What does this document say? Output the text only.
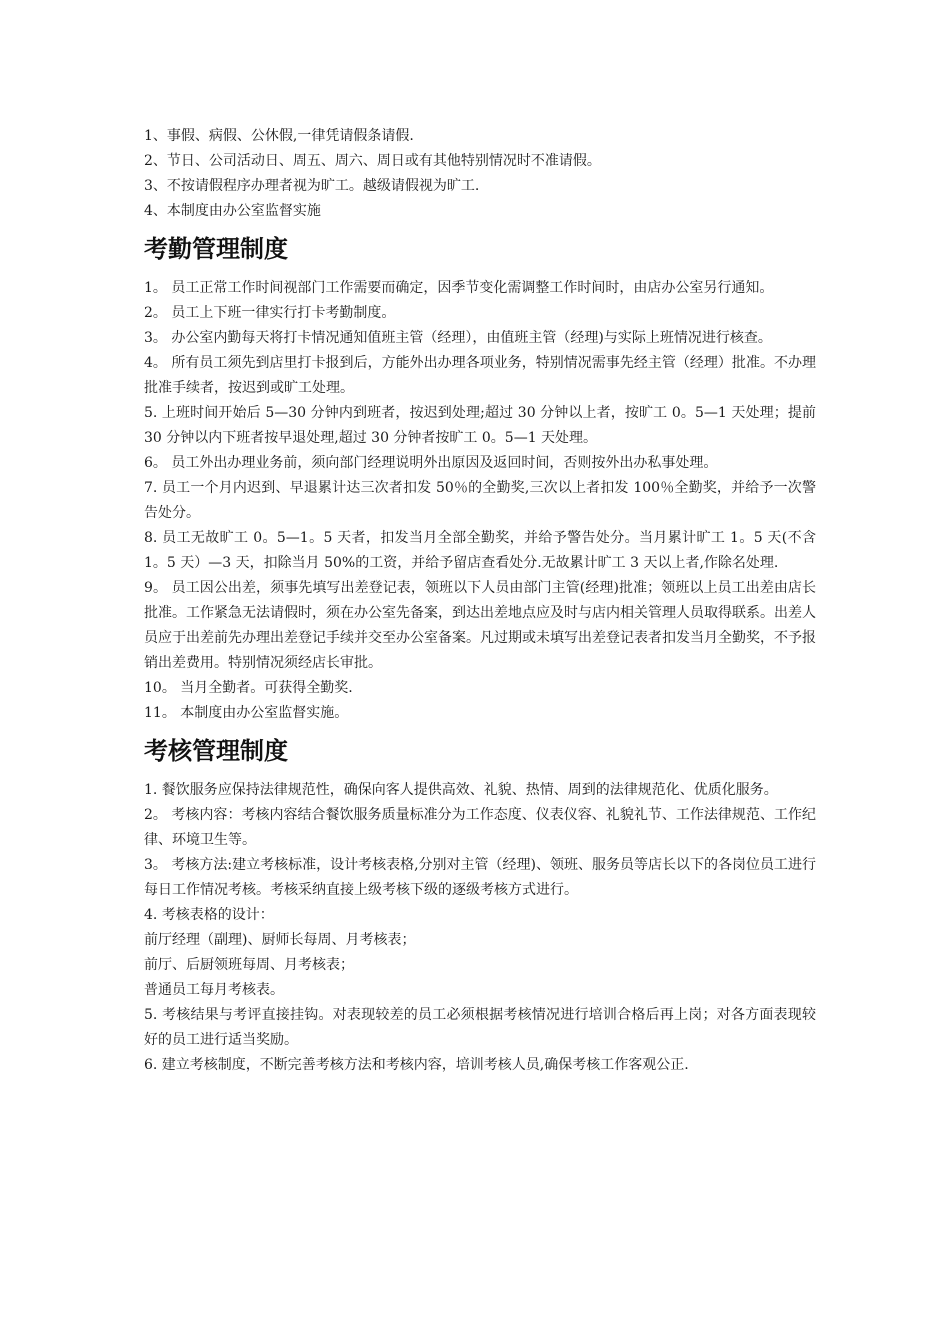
1、事假、病假、公休假,一律凭请假条请假.

2、节日、公司活动日、周五、周六、周日或有其他特别情况时不准请假。

3、不按请假程序办理者视为旷工。越级请假视为旷工.

4、本制度由办公室监督实施

考勤管理制度

1。 员工正常工作时间视部门工作需要而确定，因季节变化需调整工作时间时，由店办公室另行通知。

2。 员工上下班一律实行打卡考勤制度。

3。 办公室内勤每天将打卡情况通知值班主管（经理），由值班主管（经理)与实际上班情况进行核查。

4。 所有员工须先到店里打卡报到后，方能外出办理各项业务，特别情况需事先经主管（经理）批准。不办理批准手续者，按迟到或旷工处理。

5. 上班时间开始后 5—30 分钟内到班者，按迟到处理;超过 30 分钟以上者，按旷工 0。5—1 天处理；提前 30 分钟以内下班者按早退处理,超过 30 分钟者按旷工 0。5—1 天处理。

6。 员工外出办理业务前，须向部门经理说明外出原因及返回时间，否则按外出办私事处理。

7. 员工一个月内迟到、早退累计达三次者扣发 50％的全勤奖,三次以上者扣发 100％全勤奖，并给予一次警告处分。

8. 员工无故旷工 0。5—1。5 天者，扣发当月全部全勤奖，并给予警告处分。当月累计旷工 1。5 天(不含 1。5 天）—3 天，扣除当月 50%的工资，并给予留店查看处分.无故累计旷工 3 天以上者,作除名处理.

9。 员工因公出差，须事先填写出差登记表，领班以下人员由部门主管(经理)批准；领班以上员工出差由店长批准。工作紧急无法请假时，须在办公室先备案，到达出差地点应及时与店内相关管理人员取得联系。出差人员应于出差前先办理出差登记手续并交至办公室备案。凡过期或未填写出差登记表者扣发当月全勤奖，不予报销出差费用。特别情况须经店长审批。

10。 当月全勤者。可获得全勤奖.

11。 本制度由办公室监督实施。

考核管理制度

1. 餐饮服务应保持法律规范性，确保向客人提供高效、礼貌、热情、周到的法律规范化、优质化服务。

2。 考核内容：考核内容结合餐饮服务质量标准分为工作态度、仪表仪容、礼貌礼节、工作法律规范、工作纪律、环境卫生等。

3。 考核方法:建立考核标准，设计考核表格,分别对主管（经理)、领班、服务员等店长以下的各岗位员工进行每日工作情况考核。考核采纳直接上级考核下级的逐级考核方式进行。

4. 考核表格的设计：

前厅经理（副理)、厨师长每周、月考核表；

前厅、后厨领班每周、月考核表；

普通员工每月考核表。

5. 考核结果与考评直接挂钩。对表现较差的员工必须根据考核情况进行培训合格后再上岗；对各方面表现较好的员工进行适当奖励。

6. 建立考核制度，不断完善考核方法和考核内容，培训考核人员,确保考核工作客观公正.
